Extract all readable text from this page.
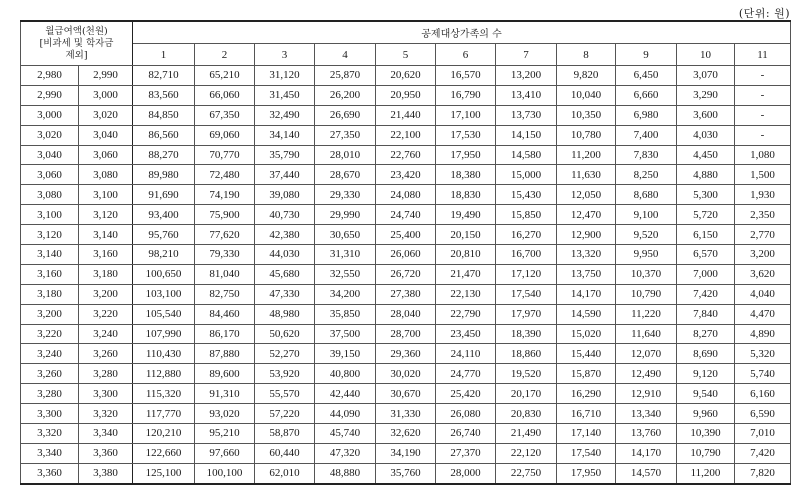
(단위: 원)
월급여액(천원)
[비과세 및 학자금
제외]		공제대상가족의 수										
		1	2	3	4	5	6	7	8	9	10	11
2,980	2,990	82,710	65,210	31,120	25,870	20,620	16,570	13,200	9,820	6,450	3,070	-
2,990	3,000	83,560	66,060	31,450	26,200	20,950	16,790	13,410	10,040	6,660	3,290	-
3,000	3,020	84,850	67,350	32,490	26,690	21,440	17,100	13,730	10,350	6,980	3,600	-
3,020	3,040	86,560	69,060	34,140	27,350	22,100	17,530	14,150	10,780	7,400	4,030	-
3,040	3,060	88,270	70,770	35,790	28,010	22,760	17,950	14,580	11,200	7,830	4,450	1,080
3,060	3,080	89,980	72,480	37,440	28,670	23,420	18,380	15,000	11,630	8,250	4,880	1,500
3,080	3,100	91,690	74,190	39,080	29,330	24,080	18,830	15,430	12,050	8,680	5,300	1,930
3,100	3,120	93,400	75,900	40,730	29,990	24,740	19,490	15,850	12,470	9,100	5,720	2,350
3,120	3,140	95,760	77,620	42,380	30,650	25,400	20,150	16,270	12,900	9,520	6,150	2,770
3,140	3,160	98,210	79,330	44,030	31,310	26,060	20,810	16,700	13,320	9,950	6,570	3,200
3,160	3,180	100,650	81,040	45,680	32,550	26,720	21,470	17,120	13,750	10,370	7,000	3,620
3,180	3,200	103,100	82,750	47,330	34,200	27,380	22,130	17,540	14,170	10,790	7,420	4,040
3,200	3,220	105,540	84,460	48,980	35,850	28,040	22,790	17,970	14,590	11,220	7,840	4,470
3,220	3,240	107,990	86,170	50,620	37,500	28,700	23,450	18,390	15,020	11,640	8,270	4,890
3,240	3,260	110,430	87,880	52,270	39,150	29,360	24,110	18,860	15,440	12,070	8,690	5,320
3,260	3,280	112,880	89,600	53,920	40,800	30,020	24,770	19,520	15,870	12,490	9,120	5,740
3,280	3,300	115,320	91,310	55,570	42,440	30,670	25,420	20,170	16,290	12,910	9,540	6,160
3,300	3,320	117,770	93,020	57,220	44,090	31,330	26,080	20,830	16,710	13,340	9,960	6,590
3,320	3,340	120,210	95,210	58,870	45,740	32,620	26,740	21,490	17,140	13,760	10,390	7,010
3,340	3,360	122,660	97,660	60,440	47,320	34,190	27,370	22,120	17,540	14,170	10,790	7,420
3,360	3,380	125,100	100,100	62,010	48,880	35,760	28,000	22,750	17,950	14,570	11,200	7,820
